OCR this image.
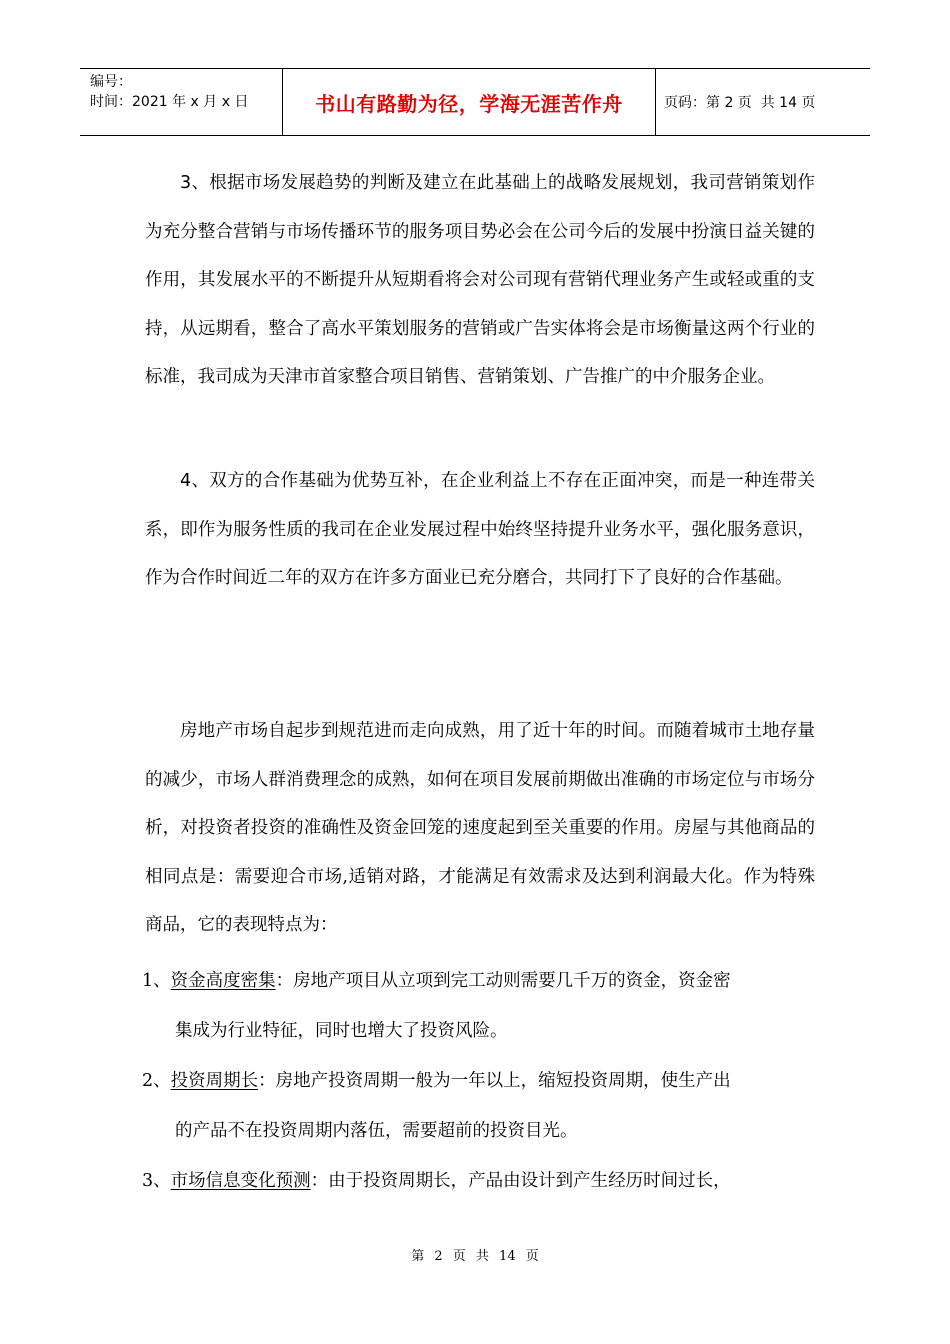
编号：
时间：2021 年 x 月 x 日	书山有路勤为径，学海无涯苦作舟	页码：第 2 页  共 14 页

3、根据市场发展趋势的判断及建立在此基础上的战略发展规划，我司营销策划作为充分整合营销与市场传播环节的服务项目势必会在公司今后的发展中扮演日益关键的作用，其发展水平的不断提升从短期看将会对公司现有营销代理业务产生或轻或重的支持，从远期看，整合了高水平策划服务的营销或广告实体将会是市场衡量这两个行业的标准，我司成为天津市首家整合项目销售、营销策划、广告推广的中介服务企业。

4、双方的合作基础为优势互补，在企业利益上不存在正面冲突，而是一种连带关系，即作为服务性质的我司在企业发展过程中始终坚持提升业务水平，强化服务意识，作为合作时间近二年的双方在许多方面业已充分磨合，共同打下了良好的合作基础。

房地产市场自起步到规范进而走向成熟，用了近十年的时间。而随着城市土地存量的减少，市场人群消费理念的成熟，如何在项目发展前期做出准确的市场定位与市场分析，对投资者投资的准确性及资金回笼的速度起到至关重要的作用。房屋与其他商品的相同点是：需要迎合市场,适销对路，才能满足有效需求及达到利润最大化。作为特殊商品，它的表现特点为：

1、资金高度密集：房地产项目从立项到完工动则需要几千万的资金，资金密
集成为行业特征，同时也增大了投资风险。
2、投资周期长：房地产投资周期一般为一年以上，缩短投资周期，使生产出
的产品不在投资周期内落伍，需要超前的投资目光。
3、市场信息变化预测：由于投资周期长，产品由设计到产生经历时间过长，
第 2 页 共 14 页
